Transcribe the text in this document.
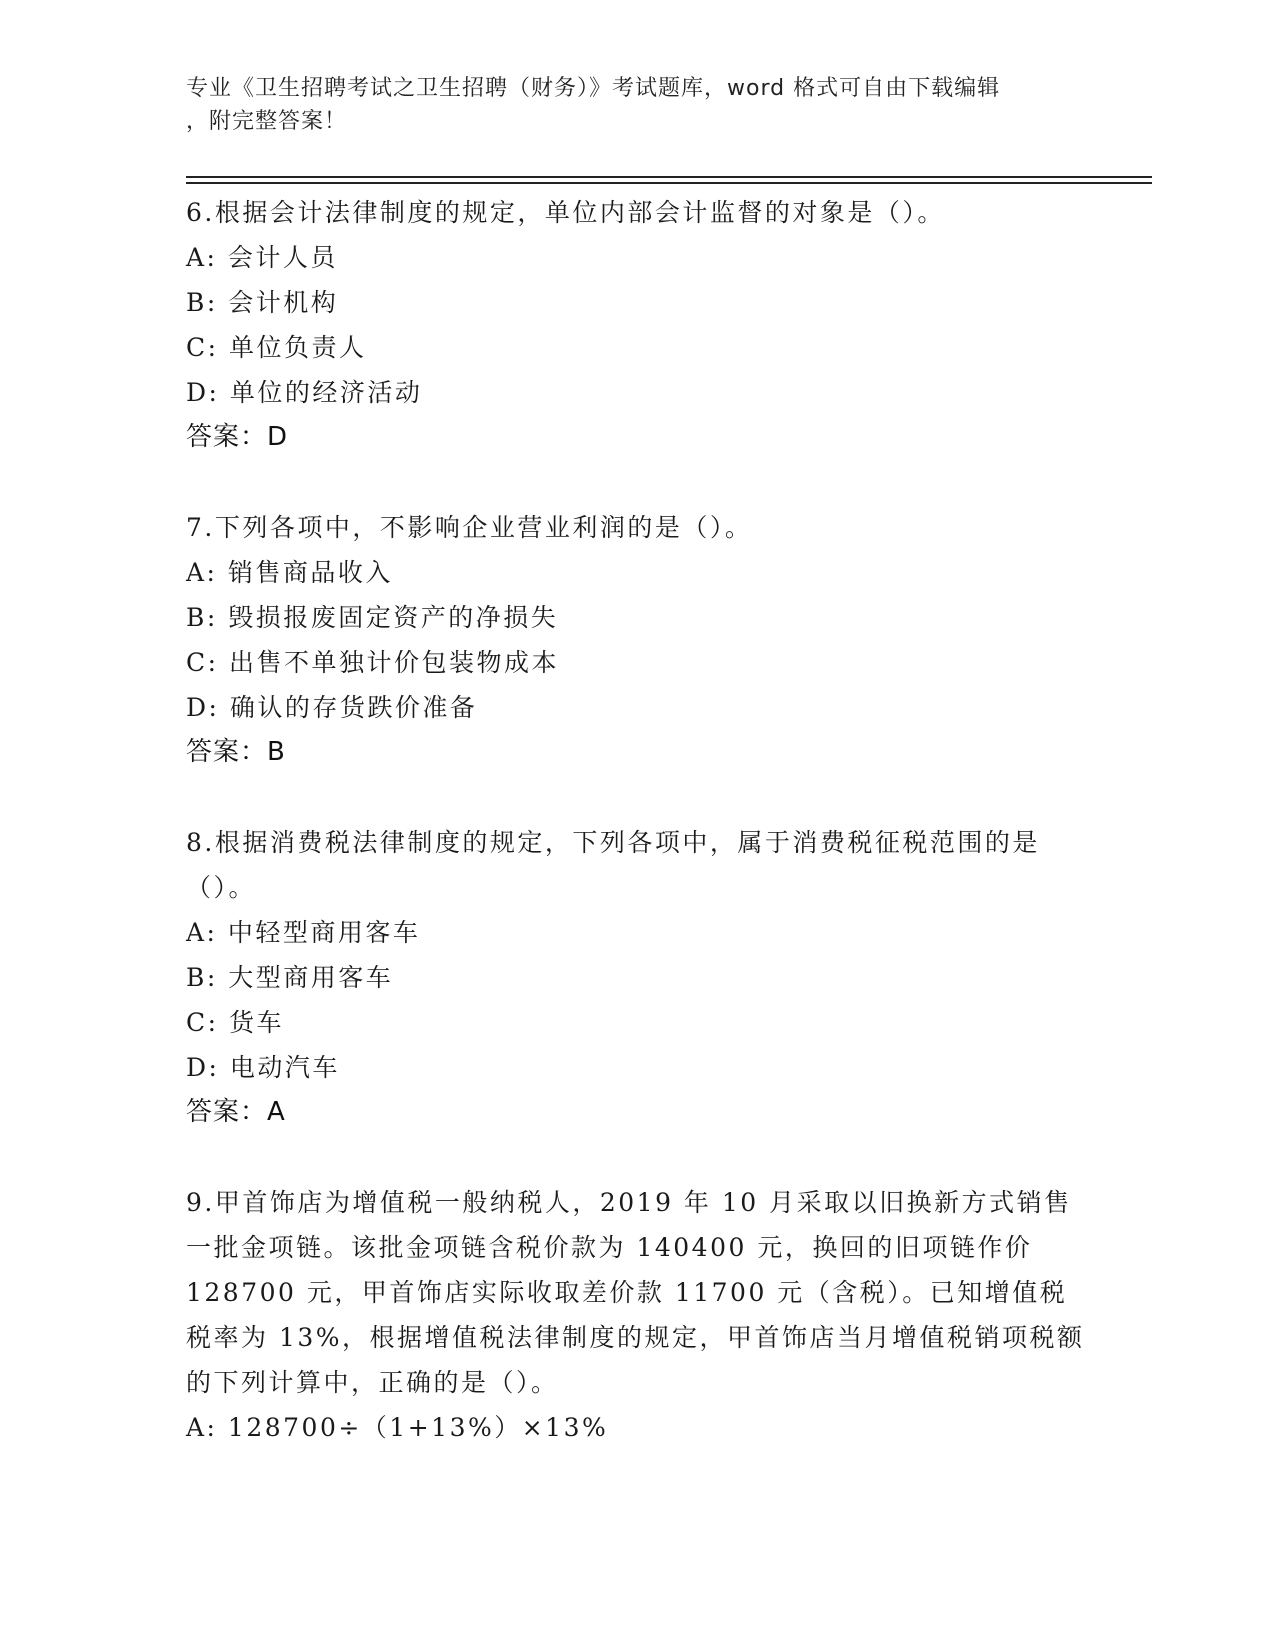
专业《卫生招聘考试之卫生招聘（财务）》考试题库，word 格式可自由下载编辑
，附完整答案！
6.根据会计法律制度的规定，单位内部会计监督的对象是（）。
A: 会计人员
B: 会计机构
C: 单位负责人
D: 单位的经济活动
答案：D
7.下列各项中，不影响企业营业利润的是（）。
A: 销售商品收入
B: 毁损报废固定资产的净损失
C: 出售不单独计价包装物成本
D: 确认的存货跌价准备
答案：B
8.根据消费税法律制度的规定，下列各项中，属于消费税征税范围的是（）。
A: 中轻型商用客车
B: 大型商用客车
C: 货车
D: 电动汽车
答案：A
9.甲首饰店为增值税一般纳税人，2019 年 10 月采取以旧换新方式销售一批金项链。该批金项链含税价款为 140400 元，换回的旧项链作价 128700 元，甲首饰店实际收取差价款 11700 元（含税）。已知增值税税率为 13%，根据增值税法律制度的规定，甲首饰店当月增值税销项税额的下列计算中，正确的是（）。
A: 128700÷（1+13%）×13%
